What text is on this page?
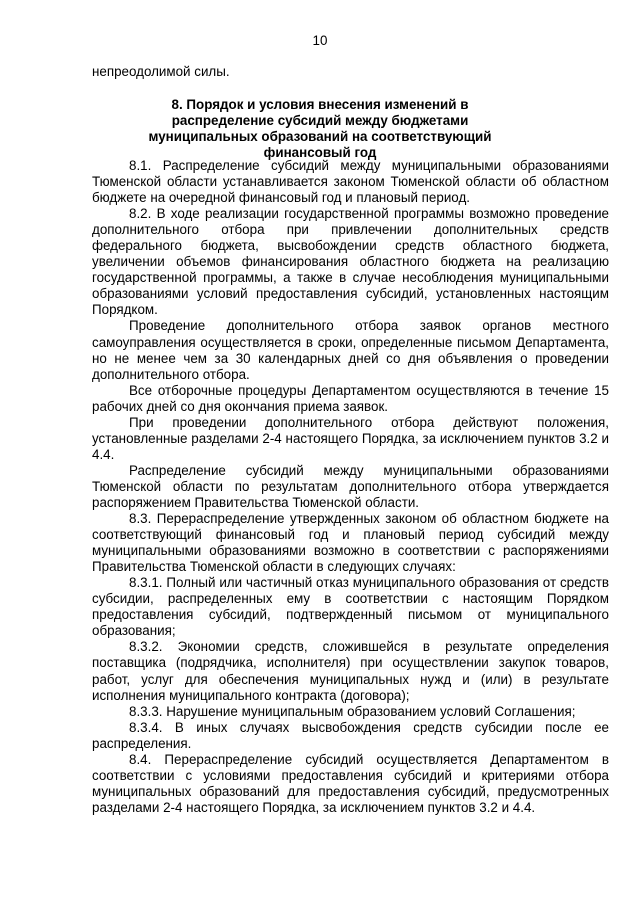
10
непреодолимой силы.
8. Порядок и условия внесения изменений в распределение субсидий между бюджетами муниципальных образований на соответствующий финансовый год

8.1. Распределение субсидий между муниципальными образованиями Тюменской области устанавливается законом Тюменской области об областном бюджете на очередной финансовый год и плановый период.

8.2. В ходе реализации государственной программы возможно проведение дополнительного отбора при привлечении дополнительных средств федерального бюджета, высвобождении средств областного бюджета, увеличении объемов финансирования областного бюджета на реализацию государственной программы, а также в случае несоблюдения муниципальными образованиями условий предоставления субсидий, установленных настоящим Порядком.

Проведение дополнительного отбора заявок органов местного самоуправления осуществляется в сроки, определенные письмом Департамента, но не менее чем за 30 календарных дней со дня объявления о проведении дополнительного отбора.

Все отборочные процедуры Департаментом осуществляются в течение 15 рабочих дней со дня окончания приема заявок.

При проведении дополнительного отбора действуют положения, установленные разделами 2-4 настоящего Порядка, за исключением пунктов 3.2 и 4.4.

Распределение субсидий между муниципальными образованиями Тюменской области по результатам дополнительного отбора утверждается распоряжением Правительства Тюменской области.

8.3. Перераспределение утвержденных законом об областном бюджете на соответствующий финансовый год и плановый период субсидий между муниципальными образованиями возможно в соответствии с распоряжениями Правительства Тюменской области в следующих случаях:

8.3.1. Полный или частичный отказ муниципального образования от средств субсидии, распределенных ему в соответствии с настоящим Порядком предоставления субсидий, подтвержденный письмом от муниципального образования;

8.3.2. Экономии средств, сложившейся в результате определения поставщика (подрядчика, исполнителя) при осуществлении закупок товаров, работ, услуг для обеспечения муниципальных нужд и (или) в результате исполнения муниципального контракта (договора);

8.3.3. Нарушение муниципальным образованием условий Соглашения;

8.3.4. В иных случаях высвобождения средств субсидии после ее распределения.

8.4. Перераспределение субсидий осуществляется Департаментом в соответствии с условиями предоставления субсидий и критериями отбора муниципальных образований для предоставления субсидий, предусмотренных разделами 2-4 настоящего Порядка, за исключением пунктов 3.2 и 4.4.
